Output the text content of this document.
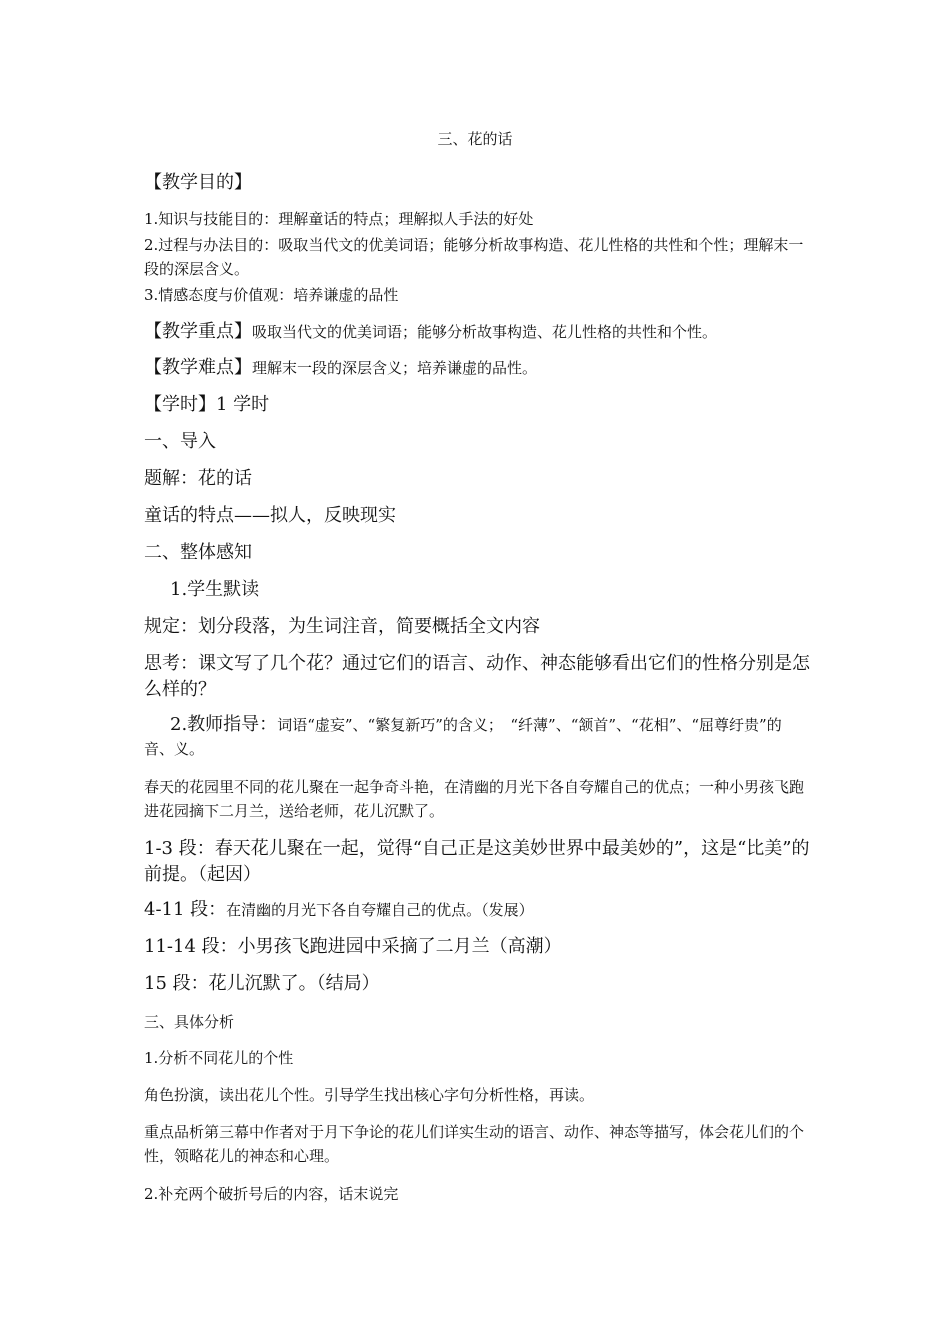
三、花的话
【教学目的】
1.知识与技能目的：理解童话的特点；理解拟人手法的好处
2.过程与办法目的：吸取当代文的优美词语；能够分析故事构造、花儿性格的共性和个性；理解末一段的深层含义。
3.情感态度与价值观：培养谦虚的品性
【教学重点】吸取当代文的优美词语；能够分析故事构造、花儿性格的共性和个性。
【教学难点】理解末一段的深层含义；培养谦虚的品性。
【学时】1 学时
一、导入
题解：花的话
童话的特点——拟人，反映现实
二、整体感知
1.学生默读
规定：划分段落，为生词注音，简要概括全文内容
思考：课文写了几个花？通过它们的语言、动作、神态能够看出它们的性格分别是怎么样的？
2.教师指导：词语“虚妄”、“繁复新巧”的含义；　“纤薄”、“颔首”、“花相”、“屈尊纡贵”的音、义。
春天的花园里不同的花儿聚在一起争奇斗艳，在清幽的月光下各自夸耀自己的优点；一种小男孩飞跑进花园摘下二月兰，送给老师，花儿沉默了。
1-3 段：春天花儿聚在一起，觉得“自己正是这美妙世界中最美妙的”，这是“比美”的前提。（起因）
4-11 段：在清幽的月光下各自夸耀自己的优点。（发展）
11-14 段：小男孩飞跑进园中采摘了二月兰（高潮）
15 段：花儿沉默了。（结局）
三、具体分析
1.分析不同花儿的个性
角色扮演，读出花儿个性。引导学生找出核心字句分析性格，再读。
重点品析第三幕中作者对于月下争论的花儿们详实生动的语言、动作、神态等描写，体会花儿们的个性，领略花儿的神态和心理。
2.补充两个破折号后的内容，话末说完
